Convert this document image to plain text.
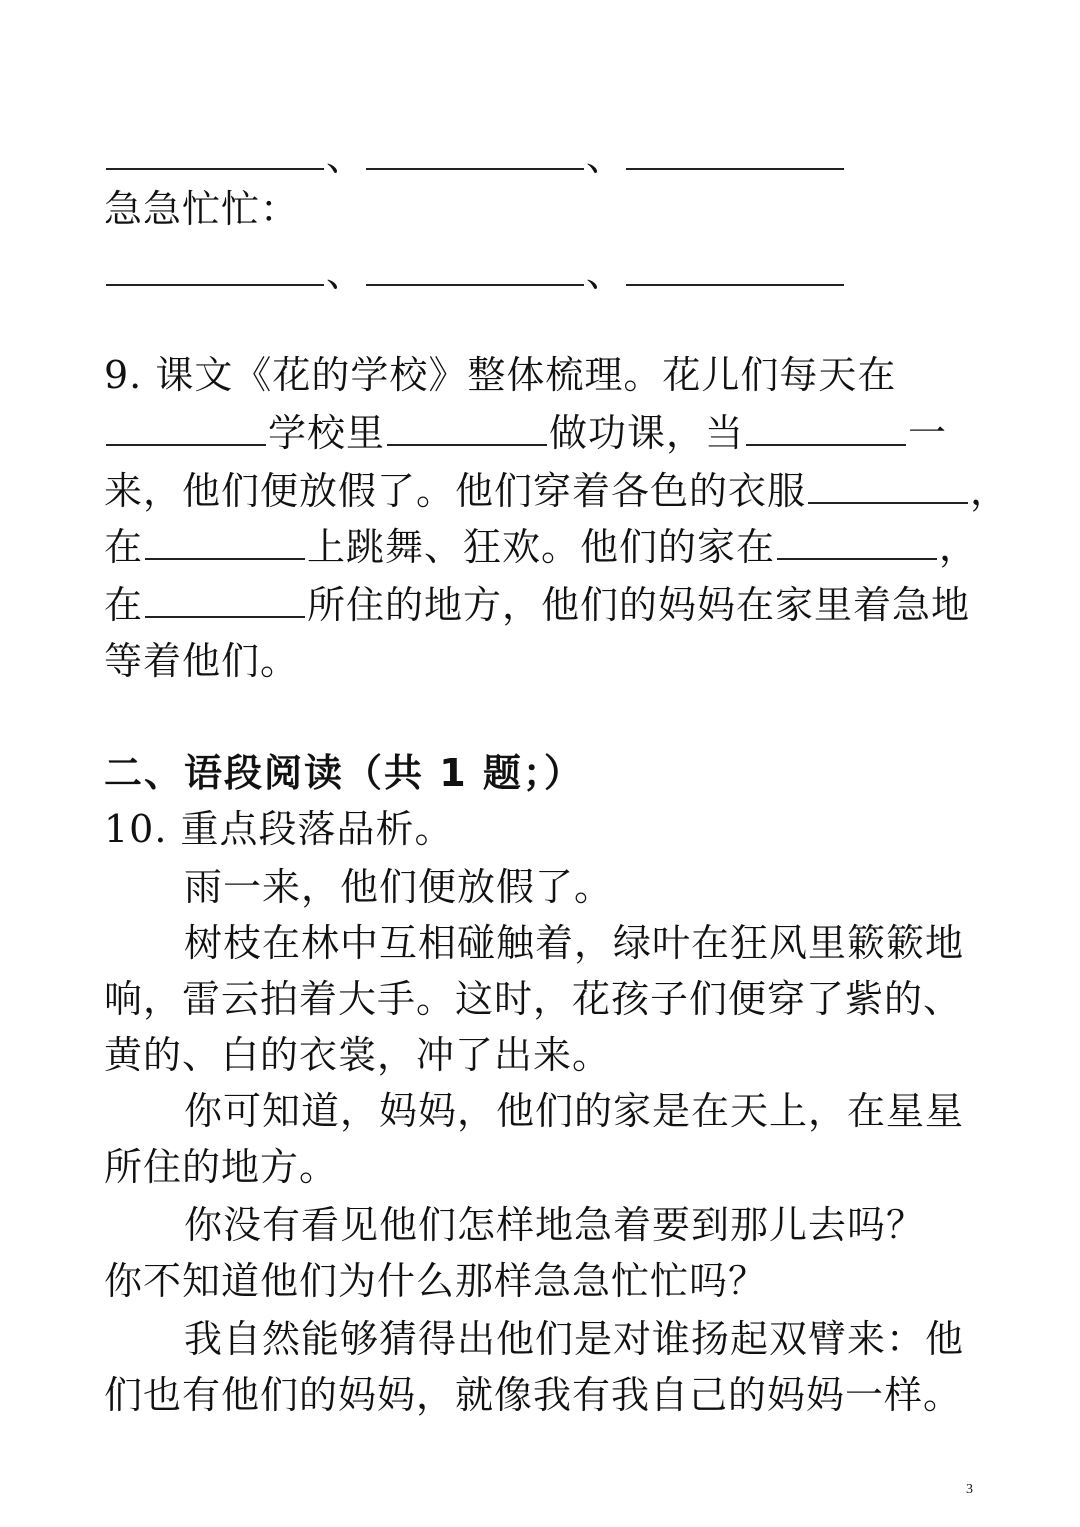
、	、
急急忙忙：
、	、
9. 课文《花的学校》整体梳理。花儿们每天在
学校里	做功课，当	一
来，他们便放假了。他们穿着各色的衣服	，
在	上跳舞、狂欢。他们的家在	，
在	所住的地方，他们的妈妈在家里着急地
等着他们。
二、语段阅读（共 1 题；）
10. 重点段落品析。
雨一来，他们便放假了。
树枝在林中互相碰触着，绿叶在狂风里簌簌地
响，雷云拍着大手。这时，花孩子们便穿了紫的、
黄的、白的衣裳，冲了出来。
你可知道，妈妈，他们的家是在天上，在星星
所住的地方。
你没有看见他们怎样地急着要到那儿去吗？
你不知道他们为什么那样急急忙忙吗？
我自然能够猜得出他们是对谁扬起双臂来：他
们也有他们的妈妈，就像我有我自己的妈妈一样。
3
